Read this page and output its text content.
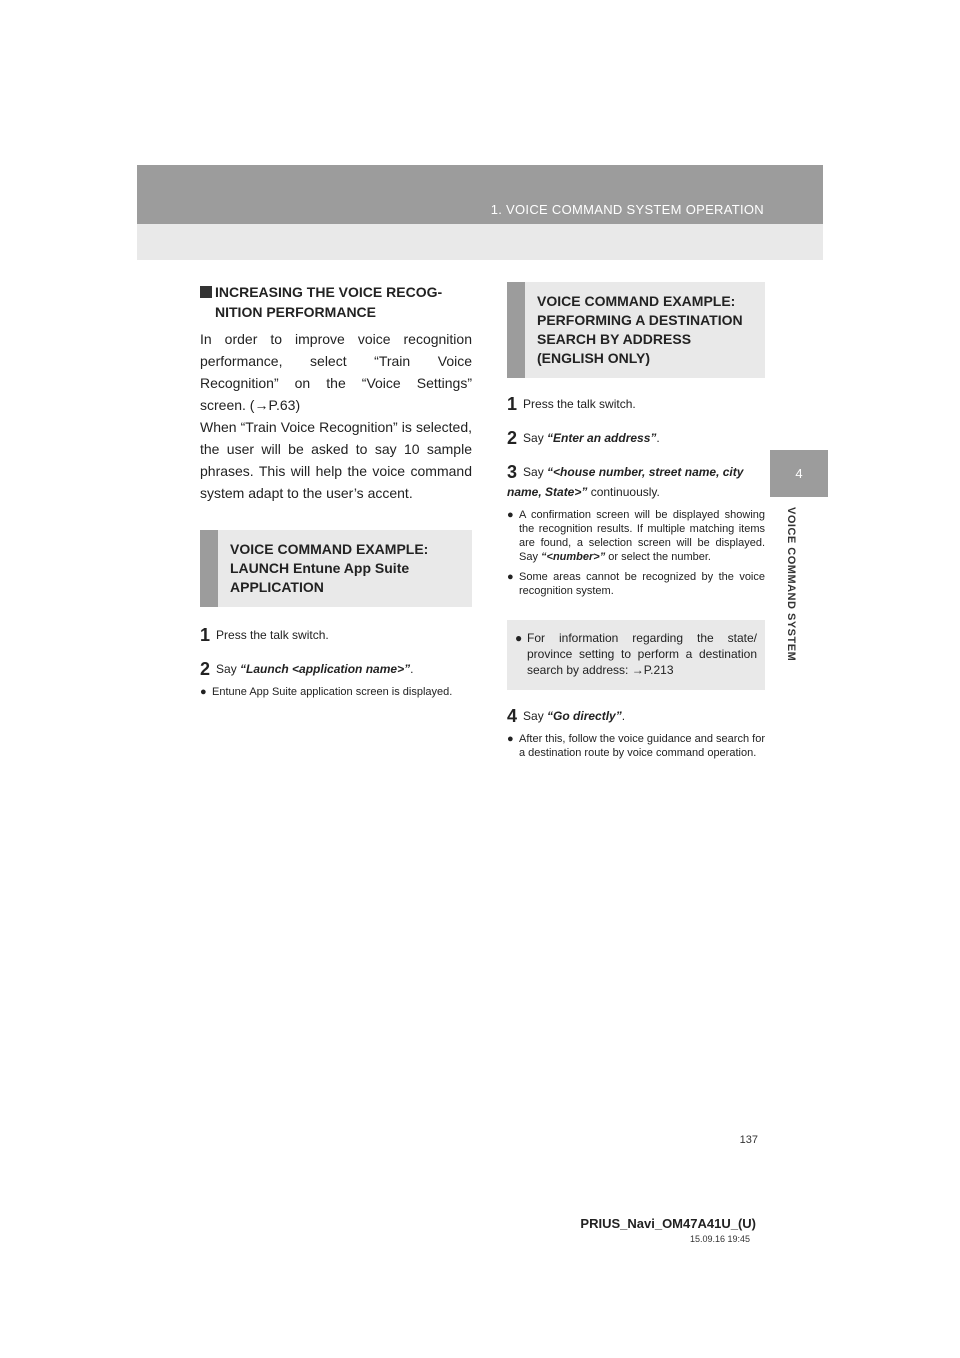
1. VOICE COMMAND SYSTEM OPERATION
4
VOICE COMMAND SYSTEM
INCREASING THE VOICE RECOG-
NITION PERFORMANCE

In order to improve voice recognition performance, select “Train Voice Recognition” on the “Voice Settings” screen. (→P.63)

When “Train Voice Recognition” is selected, the user will be asked to say 10 sample phrases. This will help the voice command system adapt to the user’s accent.

VOICE COMMAND EXAMPLE: LAUNCH Entune App Suite APPLICATION
1 Press the talk switch.
2 Say “Launch <application name>”.
● Entune App Suite application screen is displayed.
VOICE COMMAND EXAMPLE: PERFORMING A DESTINATION SEARCH BY ADDRESS (ENGLISH ONLY)
1 Press the talk switch.
2 Say “Enter an address”.
3 Say “<house number, street name, city name, State>” continuously.
● A confirmation screen will be displayed showing the recognition results. If multiple matching items are found, a selection screen will be displayed. Say “<number>” or select the number.
● Some areas cannot be recognized by the voice recognition system.
● For information regarding the state/ province setting to perform a destination search by address: →P.213
4 Say “Go directly”.
● After this, follow the voice guidance and search for a destination route by voice command operation.
137
PRIUS_Navi_OM47A41U_(U)
15.09.16 19:45
